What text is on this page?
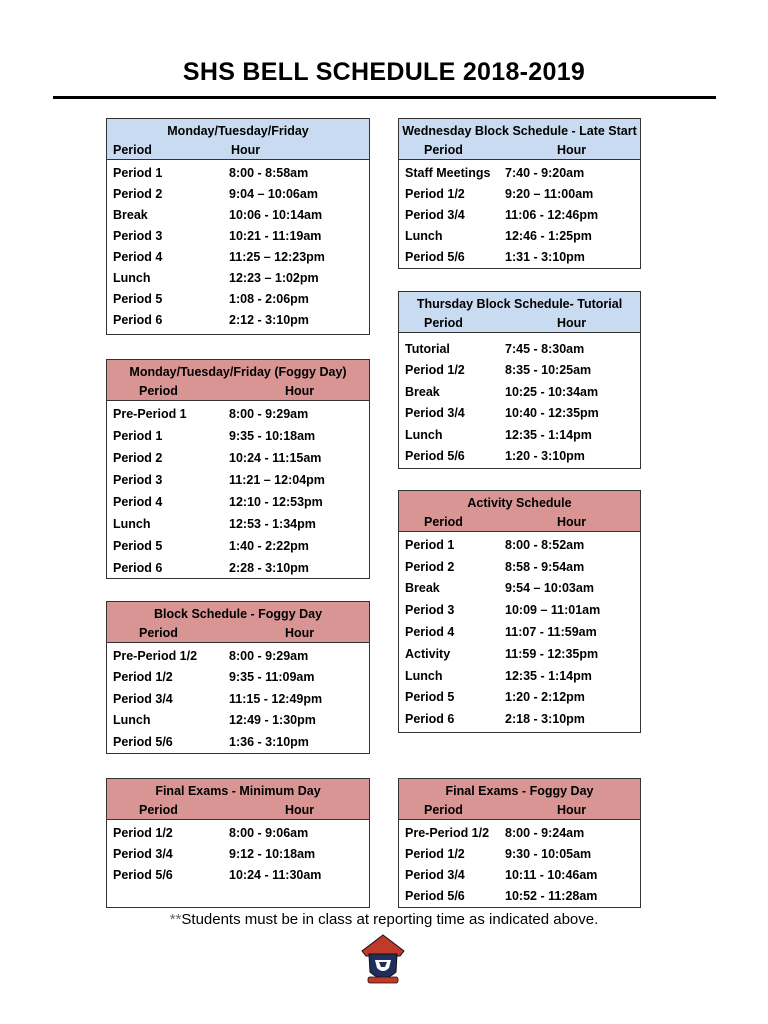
SHS BELL SCHEDULE 2018-2019
Monday/Tuesday/Friday
Period	Hour
Period 1	8:00 - 8:58am
Period 2	9:04 – 10:06am
Break	10:06 - 10:14am
Period 3	10:21 - 11:19am
Period 4	11:25 – 12:23pm
Lunch	12:23 – 1:02pm
Period 5	1:08 - 2:06pm
Period 6	2:12 - 3:10pm
Wednesday Block Schedule - Late Start
Period	Hour
Staff Meetings	7:40 - 9:20am
Period 1/2	9:20 – 11:00am
Period 3/4	11:06 - 12:46pm
Lunch	12:46 - 1:25pm
Period 5/6	1:31 - 3:10pm
Thursday Block Schedule- Tutorial
Period	Hour
Tutorial	7:45 - 8:30am
Period 1/2	8:35 - 10:25am
Break	10:25 - 10:34am
Period 3/4	10:40 - 12:35pm
Lunch	12:35 - 1:14pm
Period 5/6	1:20 - 3:10pm
Monday/Tuesday/Friday (Foggy Day)
Period	Hour
Pre-Period 1	8:00 - 9:29am
Period 1	9:35 - 10:18am
Period 2	10:24 - 11:15am
Period 3	11:21 – 12:04pm
Period 4	12:10 - 12:53pm
Lunch	12:53 - 1:34pm
Period 5	1:40 - 2:22pm
Period 6	2:28 - 3:10pm
Activity Schedule
Period	Hour
Period 1	8:00 - 8:52am
Period 2	8:58 - 9:54am
Break	9:54 – 10:03am
Period 3	10:09 – 11:01am
Period 4	11:07 - 11:59am
Activity	11:59 - 12:35pm
Lunch	12:35 - 1:14pm
Period 5	1:20 - 2:12pm
Period 6	2:18 - 3:10pm
Block Schedule - Foggy Day
Period	Hour
Pre-Period 1/2	8:00 - 9:29am
Period 1/2	9:35 - 11:09am
Period 3/4	11:15 - 12:49pm
Lunch	12:49 - 1:30pm
Period 5/6	1:36 - 3:10pm
Final Exams - Minimum Day
Period	Hour
Period 1/2	8:00 - 9:06am
Period 3/4	9:12 - 10:18am
Period 5/6	10:24 - 11:30am
Final Exams - Foggy Day
Period	Hour
Pre-Period 1/2	8:00 - 9:24am
Period 1/2	9:30 - 10:05am
Period 3/4	10:11 - 10:46am
Period 5/6	10:52 - 11:28am
**Students must be in class at reporting time as indicated above.
